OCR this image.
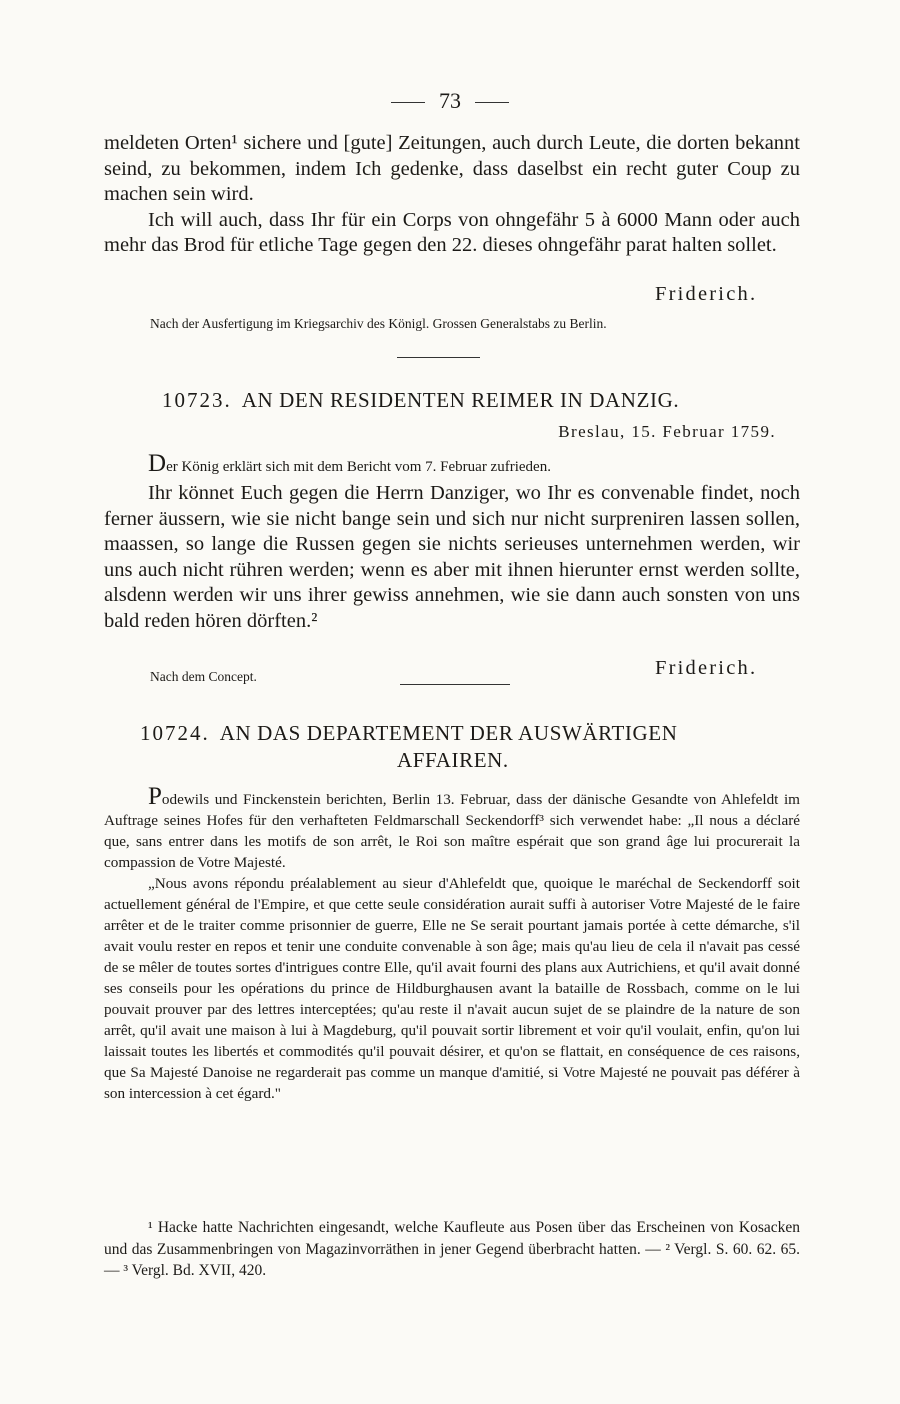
73

meldeten Orten¹ sichere und [gute] Zeitungen, auch durch Leute, die dorten bekannt seind, zu bekommen, indem Ich gedenke, dass daselbst ein recht guter Coup zu machen sein wird.

Ich will auch, dass Ihr für ein Corps von ohngefähr 5 à 6000 Mann oder auch mehr das Brod für etliche Tage gegen den 22. dieses ohngefähr parat halten sollet.

Friderich.
Nach der Ausfertigung im Kriegsarchiv des Königl. Grossen Generalstabs zu Berlin.
10723. AN DEN RESIDENTEN REIMER IN DANZIG.
Breslau, 15. Februar 1759.
Der König erklärt sich mit dem Bericht vom 7. Februar zufrieden.

Ihr könnet Euch gegen die Herrn Danziger, wo Ihr es convenable findet, noch ferner äussern, wie sie nicht bange sein und sich nur nicht surpreniren lassen sollen, maassen, so lange die Russen gegen sie nichts serieuses unternehmen werden, wir uns auch nicht rühren werden; wenn es aber mit ihnen hierunter ernst werden sollte, alsdenn werden wir uns ihrer gewiss annehmen, wie sie dann auch sonsten von uns bald reden hören dörften.²

Nach dem Concept.	Friderich.
10724. AN DAS DEPARTEMENT DER AUSWÄRTIGEN
AFFAIREN.

Podewils und Finckenstein berichten, Berlin 13. Februar, dass der dänische Gesandte von Ahlefeldt im Auftrage seines Hofes für den verhafteten Feldmarschall Seckendorff³ sich verwendet habe: „Il nous a déclaré que, sans entrer dans les motifs de son arrêt, le Roi son maître espérait que son grand âge lui procurerait la compassion de Votre Majesté.

„Nous avons répondu préalablement au sieur d'Ahlefeldt que, quoique le maréchal de Seckendorff soit actuellement général de l'Empire, et que cette seule considération aurait suffi à autoriser Votre Majesté de le faire arrêter et de le traiter comme prisonnier de guerre, Elle ne Se serait pourtant jamais portée à cette démarche, s'il avait voulu rester en repos et tenir une conduite convenable à son âge; mais qu'au lieu de cela il n'avait pas cessé de se mêler de toutes sortes d'intrigues contre Elle, qu'il avait fourni des plans aux Autrichiens, et qu'il avait donné ses conseils pour les opérations du prince de Hildburghausen avant la bataille de Rossbach, comme on le lui pouvait prouver par des lettres interceptées; qu'au reste il n'avait aucun sujet de se plaindre de la nature de son arrêt, qu'il avait une maison à lui à Magdeburg, qu'il pouvait sortir librement et voir qu'il voulait, enfin, qu'on lui laissait toutes les libertés et commodités qu'il pouvait désirer, et qu'on se flattait, en conséquence de ces raisons, que Sa Majesté Danoise ne regarderait pas comme un manque d'amitié, si Votre Majesté ne pouvait pas déférer à son intercession à cet égard."

¹ Hacke hatte Nachrichten eingesandt, welche Kaufleute aus Posen über das Erscheinen von Kosacken und das Zusammenbringen von Magazinvorräthen in jener Gegend überbracht hatten. — ² Vergl. S. 60. 62. 65. — ³ Vergl. Bd. XVII, 420.
